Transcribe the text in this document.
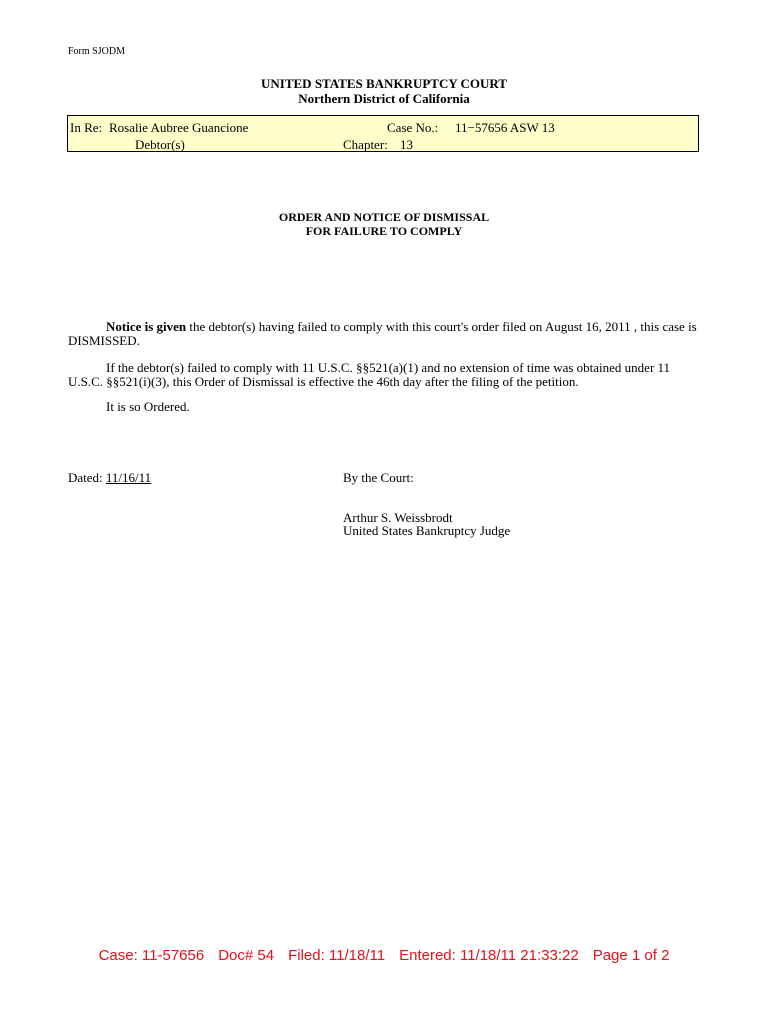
Form SJODM
UNITED STATES BANKRUPTCY COURT
Northern District of California
In Re: Rosalie Aubree Guancione
Debtor(s)
Case No.: 11−57656 ASW 13
Chapter: 13
ORDER AND NOTICE OF DISMISSAL
FOR FAILURE TO COMPLY
Notice is given the debtor(s) having failed to comply with this court's order filed on August 16, 2011 , this case is DISMISSED.
If the debtor(s) failed to comply with 11 U.S.C. §§521(a)(1) and no extension of time was obtained under 11 U.S.C. §§521(i)(3), this Order of Dismissal is effective the 46th day after the filing of the petition.
It is so Ordered.
Dated: 11/16/11	By the Court:
Arthur S. Weissbrodt
United States Bankruptcy Judge
Case: 11-57656 Doc# 54 Filed: 11/18/11 Entered: 11/18/11 21:33:22 Page 1 of 2
